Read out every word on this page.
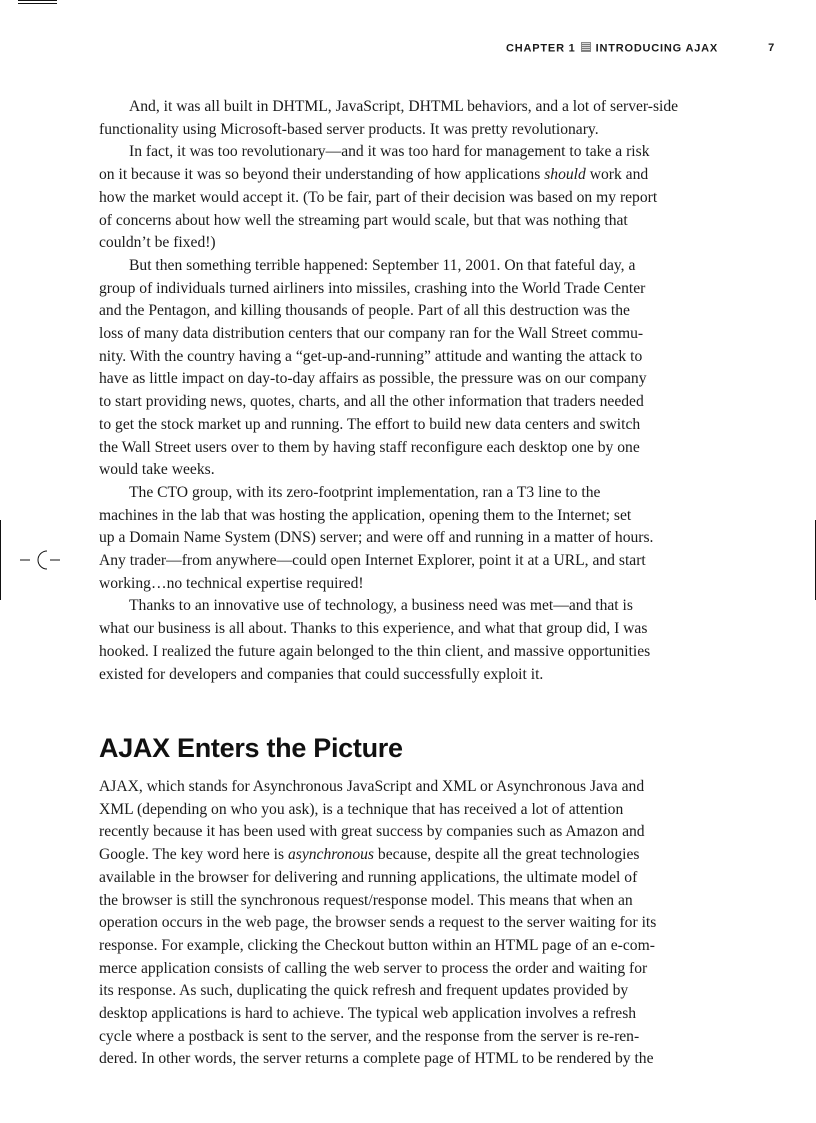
CHAPTER 1 INTRODUCING AJAX	7

And, it was all built in DHTML, JavaScript, DHTML behaviors, and a lot of server-side
functionality using Microsoft-based server products. It was pretty revolutionary.

In fact, it was too revolutionary—and it was too hard for management to take a risk
on it because it was so beyond their understanding of how applications should work and
how the market would accept it. (To be fair, part of their decision was based on my report
of concerns about how well the streaming part would scale, but that was nothing that
couldn’t be fixed!)

But then something terrible happened: September 11, 2001. On that fateful day, a
group of individuals turned airliners into missiles, crashing into the World Trade Center
and the Pentagon, and killing thousands of people. Part of all this destruction was the
loss of many data distribution centers that our company ran for the Wall Street commu-
nity. With the country having a “get-up-and-running” attitude and wanting the attack to
have as little impact on day-to-day affairs as possible, the pressure was on our company
to start providing news, quotes, charts, and all the other information that traders needed
to get the stock market up and running. The effort to build new data centers and switch
the Wall Street users over to them by having staff reconfigure each desktop one by one
would take weeks.

The CTO group, with its zero-footprint implementation, ran a T3 line to the
machines in the lab that was hosting the application, opening them to the Internet; set
up a Domain Name System (DNS) server; and were off and running in a matter of hours.
Any trader—from anywhere—could open Internet Explorer, point it at a URL, and start
working…no technical expertise required!

Thanks to an innovative use of technology, a business need was met—and that is
what our business is all about. Thanks to this experience, and what that group did, I was
hooked. I realized the future again belonged to the thin client, and massive opportunities
existed for developers and companies that could successfully exploit it.

AJAX Enters the Picture

AJAX, which stands for Asynchronous JavaScript and XML or Asynchronous Java and
XML (depending on who you ask), is a technique that has received a lot of attention
recently because it has been used with great success by companies such as Amazon and
Google. The key word here is asynchronous because, despite all the great technologies
available in the browser for delivering and running applications, the ultimate model of
the browser is still the synchronous request/response model. This means that when an
operation occurs in the web page, the browser sends a request to the server waiting for its
response. For example, clicking the Checkout button within an HTML page of an e-com-
merce application consists of calling the web server to process the order and waiting for
its response. As such, duplicating the quick refresh and frequent updates provided by
desktop applications is hard to achieve. The typical web application involves a refresh
cycle where a postback is sent to the server, and the response from the server is re-ren-
dered. In other words, the server returns a complete page of HTML to be rendered by the
